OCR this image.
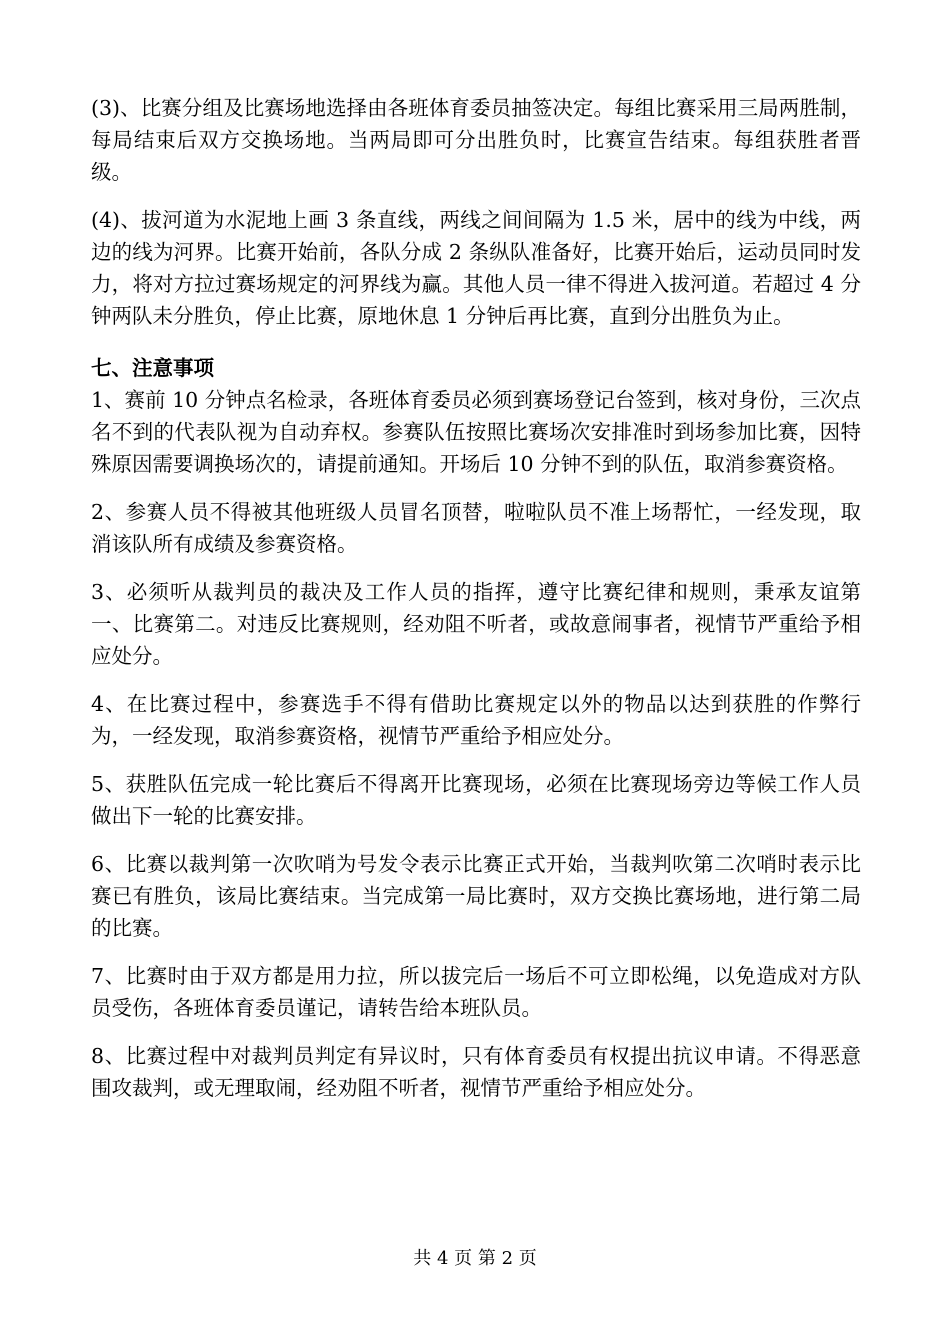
(3)、比赛分组及比赛场地选择由各班体育委员抽签决定。每组比赛采用三局两胜制，每局结束后双方交换场地。当两局即可分出胜负时，比赛宣告结束。每组获胜者晋级。

(4)、拔河道为水泥地上画 3 条直线，两线之间间隔为 1.5 米，居中的线为中线，两边的线为河界。比赛开始前，各队分成 2 条纵队准备好，比赛开始后，运动员同时发力，将对方拉过赛场规定的河界线为赢。其他人员一律不得进入拔河道。若超过 4 分钟两队未分胜负，停止比赛，原地休息 1 分钟后再比赛，直到分出胜负为止。

七、注意事项

1、赛前 10 分钟点名检录，各班体育委员必须到赛场登记台签到，核对身份，三次点名不到的代表队视为自动弃权。参赛队伍按照比赛场次安排准时到场参加比赛，因特殊原因需要调换场次的，请提前通知。开场后 10 分钟不到的队伍，取消参赛资格。

2、参赛人员不得被其他班级人员冒名顶替，啦啦队员不准上场帮忙，一经发现，取消该队所有成绩及参赛资格。

3、必须听从裁判员的裁决及工作人员的指挥，遵守比赛纪律和规则，秉承友谊第一、比赛第二。对违反比赛规则，经劝阻不听者，或故意闹事者，视情节严重给予相应处分。

4、在比赛过程中，参赛选手不得有借助比赛规定以外的物品以达到获胜的作弊行为，一经发现，取消参赛资格，视情节严重给予相应处分。

5、获胜队伍完成一轮比赛后不得离开比赛现场，必须在比赛现场旁边等候工作人员做出下一轮的比赛安排。

6、比赛以裁判第一次吹哨为号发令表示比赛正式开始，当裁判吹第二次哨时表示比赛已有胜负，该局比赛结束。当完成第一局比赛时，双方交换比赛场地，进行第二局的比赛。

7、比赛时由于双方都是用力拉，所以拔完后一场后不可立即松绳，以免造成对方队员受伤，各班体育委员谨记，请转告给本班队员。

8、比赛过程中对裁判员判定有异议时，只有体育委员有权提出抗议申请。不得恶意围攻裁判，或无理取闹，经劝阻不听者，视情节严重给予相应处分。

共 4 页 第 2 页
